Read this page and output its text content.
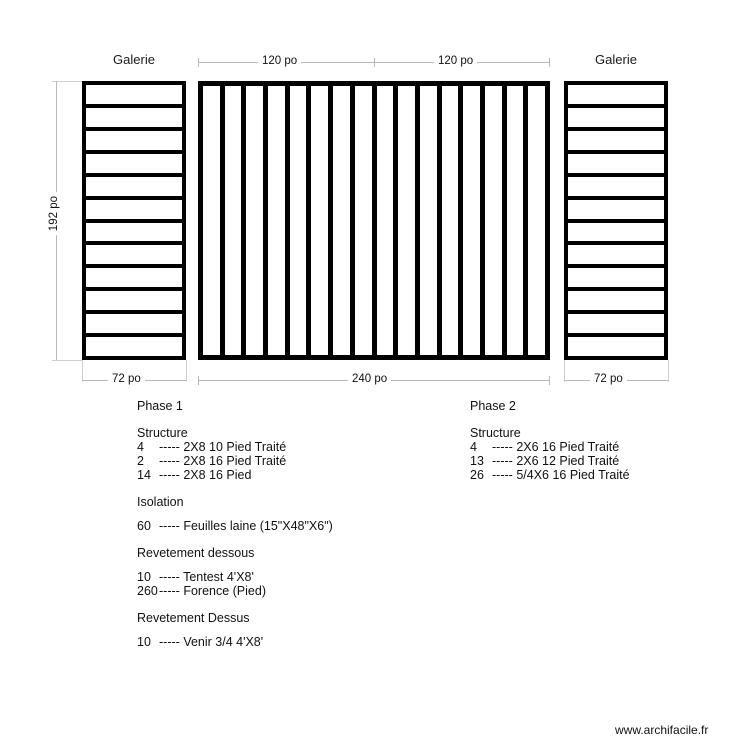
Galerie	Galerie
120 po	120 po
192 po
72 po	240 po	72 po
Phase 1
Structure
4 ----- 2X8 10 Pied Traité
2 ----- 2X8 16 Pied Traité
14 ----- 2X8 16 Pied
Isolation
60 ----- Feuilles laine (15"X48"X6")
Revetement dessous
10 ----- Tentest 4'X8'
260----- Forence (Pied)
Revetement Dessus
10 ----- Venir 3/4 4'X8'
Phase 2
Structure
4 ----- 2X6 16 Pied Traité
13 ----- 2X6 12 Pied Traité
26 ----- 5/4X6 16 Pied Traité
www.archifacile.fr
